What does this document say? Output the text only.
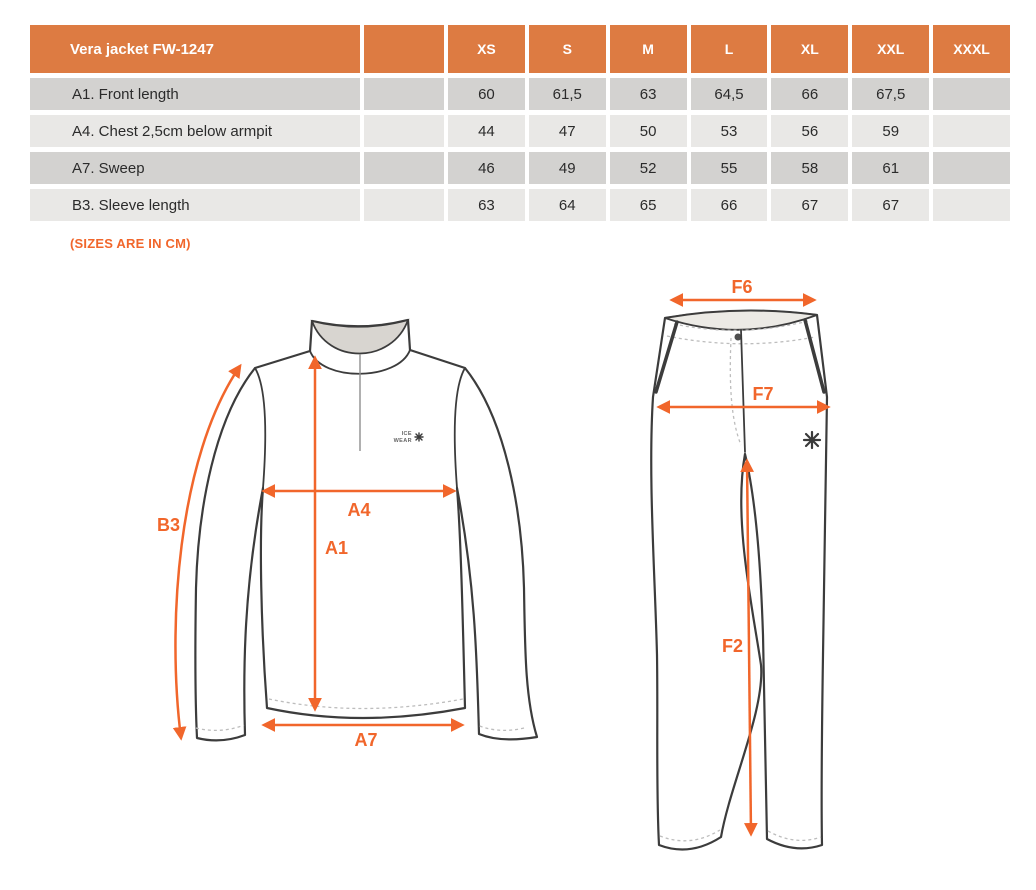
Vera jacket FW-1247	XS	S	M	L	XL	XXL	XXXL
A1. Front length	60	61,5	63	64,5	66	67,5
A4. Chest 2,5cm below armpit	44	47	50	53	56	59
A7. Sweep	46	49	52	55	58	61
B3. Sleeve length	63	64	65	66	67	67
(SIZES ARE IN CM)
ICE
WEAR
B3
A4
A1
A7
F6
F7
F2
